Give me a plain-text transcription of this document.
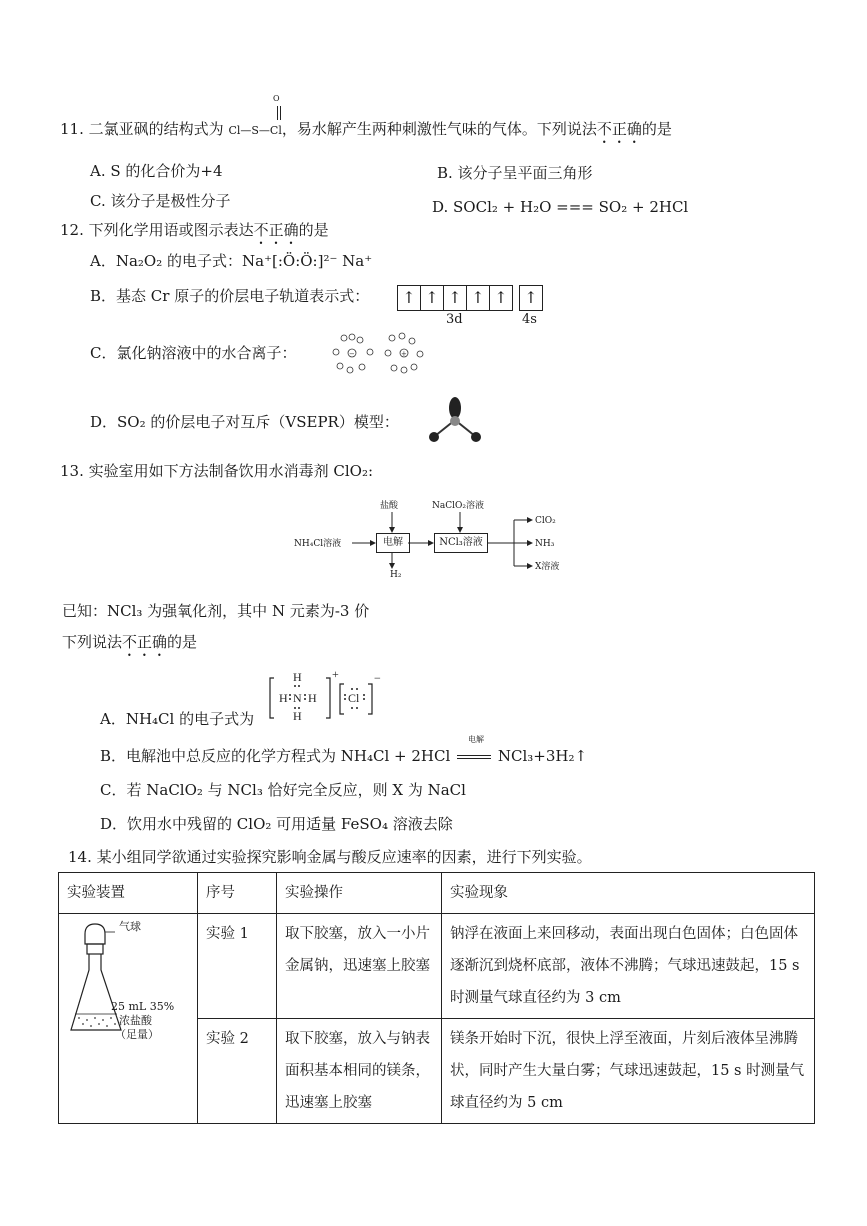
O
11. 二氯亚砜的结构式为 Cl—S—Cl，易水解产生两种刺激性气味的气体。下列说法不正确的是
A. S 的化合价为+4	B. 该分子呈平面三角形
C. 该分子是极性分子	D. SOCl₂ + H₂O === SO₂ + 2HCl
12. 下列化学用语或图示表达不正确的是
A．Na₂O₂ 的电子式：Na⁺[:Ö:Ö:]²⁻ Na⁺
B．基态 Cr 原子的价层电子轨道表示式： ↑ ↑ ↑ ↑ ↑	↑
3d	4s
C．氯化钠溶液中的水合离子：	−	+
D．SO₂ 的价层电子对互斥（VSEPR）模型：
13. 实验室用如下方法制备饮用水消毒剂 ClO₂:
盐酸	NaClO₂溶液
NH₄Cl溶液	电解	NCl₃溶液
H₂
ClO₂
NH₃
X溶液
已知：NCl₃ 为强氧化剂，其中 N 元素为-3 价
下列说法不正确的是
A．NH₄Cl 的电子式为
H
H N H
H
Cl
+	−
电解
B．电解池中总反应的化学方程式为 NH₄Cl + 2HCl	NCl₃+3H₂↑
C．若 NaClO₂ 与 NCl₃ 恰好完全反应，则 X 为 NaCl
D．饮用水中残留的 ClO₂ 可用适量 FeSO₄ 溶液去除
14. 某小组同学欲通过实验探究影响金属与酸反应速率的因素，进行下列实验。
实验装置	序号	实验操作	实验现象

气球
25 mL 35%
浓盐酸
（足量）	实验 1	取下胶塞，放入一小片金属钠，迅速塞上胶塞	钠浮在液面上来回移动，表面出现白色固体；白色固体逐渐沉到烧杯底部，液体不沸腾；气球迅速鼓起，15 s 时测量气球直径约为 3 cm
	实验 2	取下胶塞，放入与钠表面积基本相同的镁条，迅速塞上胶塞	镁条开始时下沉，很快上浮至液面，片刻后液体呈沸腾状，同时产生大量白雾；气球迅速鼓起，15 s 时测量气球直径约为 5 cm
